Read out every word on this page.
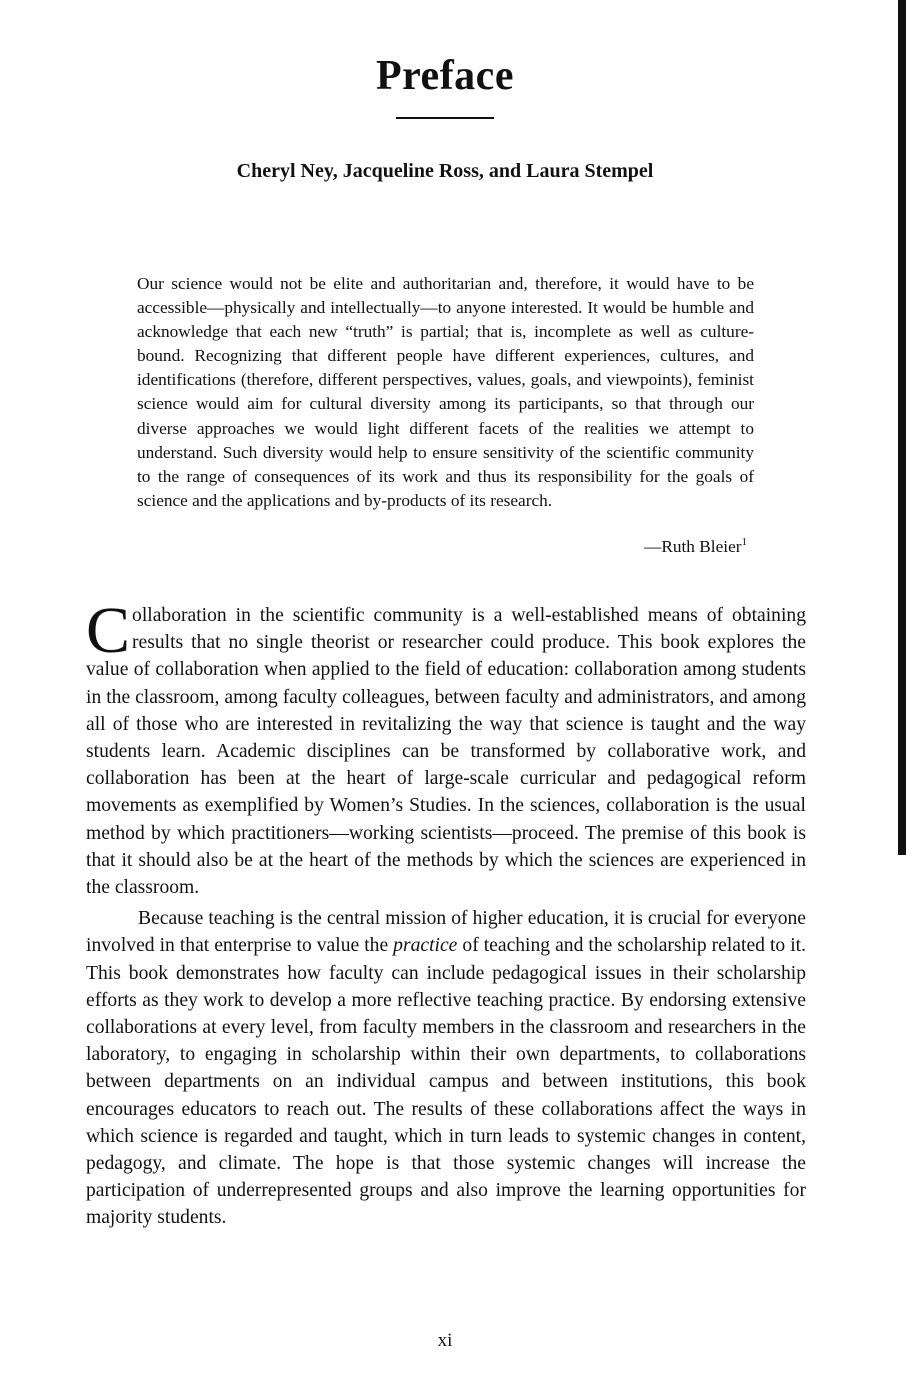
Preface
Cheryl Ney, Jacqueline Ross, and Laura Stempel

Our science would not be elite and authoritarian and, therefore, it would have to be accessible—physically and intellectually—to anyone interested. It would be humble and acknowledge that each new “truth” is partial; that is, incomplete as well as culture-bound. Recognizing that different people have different experiences, cultures, and identifications (therefore, different perspectives, values, goals, and viewpoints), feminist science would aim for cultural diversity among its participants, so that through our diverse approaches we would light different facets of the realities we attempt to understand. Such diversity would help to ensure sensitivity of the scientific community to the range of consequences of its work and thus its responsibility for the goals of science and the applications and by-products of its research.

—Ruth Bleier$^1$

Collaboration in the scientific community is a well-established means of obtaining results that no single theorist or researcher could produce. This book explores the value of collaboration when applied to the field of education: collaboration among students in the classroom, among faculty colleagues, between faculty and administrators, and among all of those who are interested in revitalizing the way that science is taught and the way students learn. Academic disciplines can be transformed by collaborative work, and collaboration has been at the heart of large-scale curricular and pedagogical reform movements as exemplified by Women’s Studies. In the sciences, collaboration is the usual method by which practitioners—working scientists—proceed. The premise of this book is that it should also be at the heart of the methods by which the sciences are experienced in the classroom.

Because teaching is the central mission of higher education, it is crucial for everyone involved in that enterprise to value the practice of teaching and the scholarship related to it. This book demonstrates how faculty can include pedagogical issues in their scholarship efforts as they work to develop a more reflective teaching practice. By endorsing extensive collaborations at every level, from faculty members in the classroom and researchers in the laboratory, to engaging in scholarship within their own departments, to collaborations between departments on an individual campus and between institutions, this book encourages educators to reach out. The results of these collaborations affect the ways in which science is regarded and taught, which in turn leads to systemic changes in content, pedagogy, and climate. The hope is that those systemic changes will increase the participation of underrepresented groups and also improve the learning opportunities for majority students.

xi
